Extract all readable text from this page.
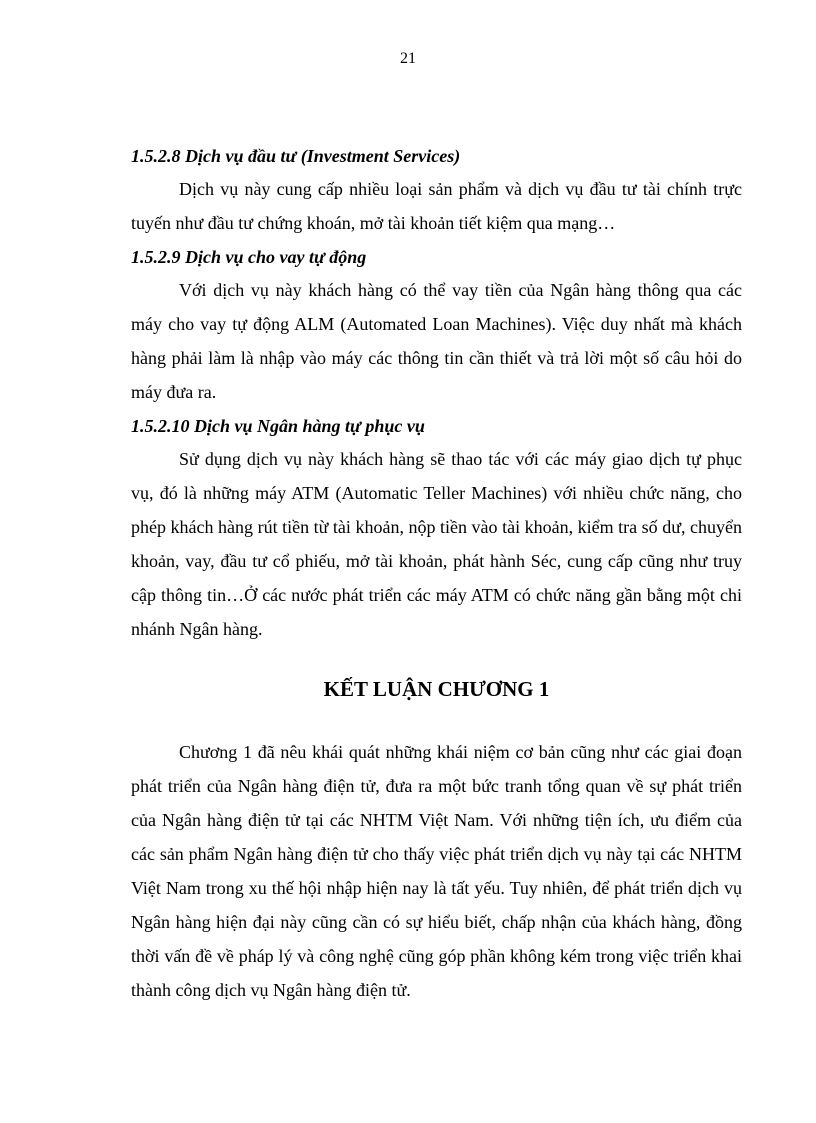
21

1.5.2.8 Dịch vụ đầu tư (Investment Services)

Dịch vụ này cung cấp nhiều loại sản phẩm và dịch vụ đầu tư tài chính trực tuyến như đầu tư chứng khoán, mở tài khoản tiết kiệm qua mạng…

1.5.2.9 Dịch vụ cho vay tự động

Với dịch vụ này khách hàng có thể vay tiền của Ngân hàng thông qua các máy cho vay tự động ALM (Automated Loan Machines). Việc duy nhất mà khách hàng phải làm là nhập vào máy các thông tin cần thiết và trả lời một số câu hỏi do máy đưa ra.

1.5.2.10 Dịch vụ Ngân hàng tự phục vụ

Sử dụng dịch vụ này khách hàng sẽ thao tác với các máy giao dịch tự phục vụ, đó là những máy ATM (Automatic Teller Machines) với nhiều chức năng, cho phép khách hàng rút tiền từ tài khoản, nộp tiền vào tài khoản, kiểm tra số dư, chuyển khoản, vay, đầu tư cổ phiếu, mở tài khoản, phát hành Séc, cung cấp cũng như truy cập thông tin…Ở các nước phát triển các máy ATM có chức năng gần bằng một chi nhánh Ngân hàng.

KẾT LUẬN CHƯƠNG 1

Chương 1 đã nêu khái quát những khái niệm cơ bản cũng như các giai đoạn phát triển của Ngân hàng điện tử, đưa ra một bức tranh tổng quan về sự phát triển của Ngân hàng điện tử tại các NHTM Việt Nam. Với những tiện ích, ưu điểm của các sản phẩm Ngân hàng điện tử cho thấy việc phát triển dịch vụ này tại các NHTM Việt Nam trong xu thế hội nhập hiện nay là tất yếu. Tuy nhiên, để phát triển dịch vụ Ngân hàng hiện đại này cũng cần có sự hiểu biết, chấp nhận của khách hàng, đồng thời vấn đề về pháp lý và công nghệ cũng góp phần không kém trong việc triển khai thành công dịch vụ Ngân hàng điện tử.
